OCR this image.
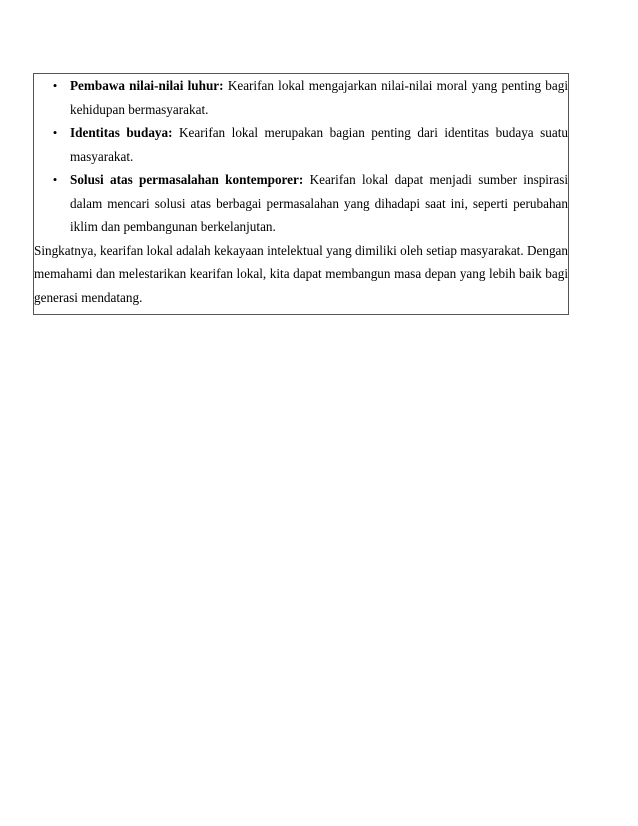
• Pembawa nilai-nilai luhur: Kearifan lokal mengajarkan nilai-nilai moral yang penting bagi kehidupan bermasyarakat.
• Identitas budaya: Kearifan lokal merupakan bagian penting dari identitas budaya suatu masyarakat.
• Solusi atas permasalahan kontemporer: Kearifan lokal dapat menjadi sumber inspirasi dalam mencari solusi atas berbagai permasalahan yang dihadapi saat ini, seperti perubahan iklim dan pembangunan berkelanjutan.

Singkatnya, kearifan lokal adalah kekayaan intelektual yang dimiliki oleh setiap masyarakat. Dengan memahami dan melestarikan kearifan lokal, kita dapat membangun masa depan yang lebih baik bagi generasi mendatang.
